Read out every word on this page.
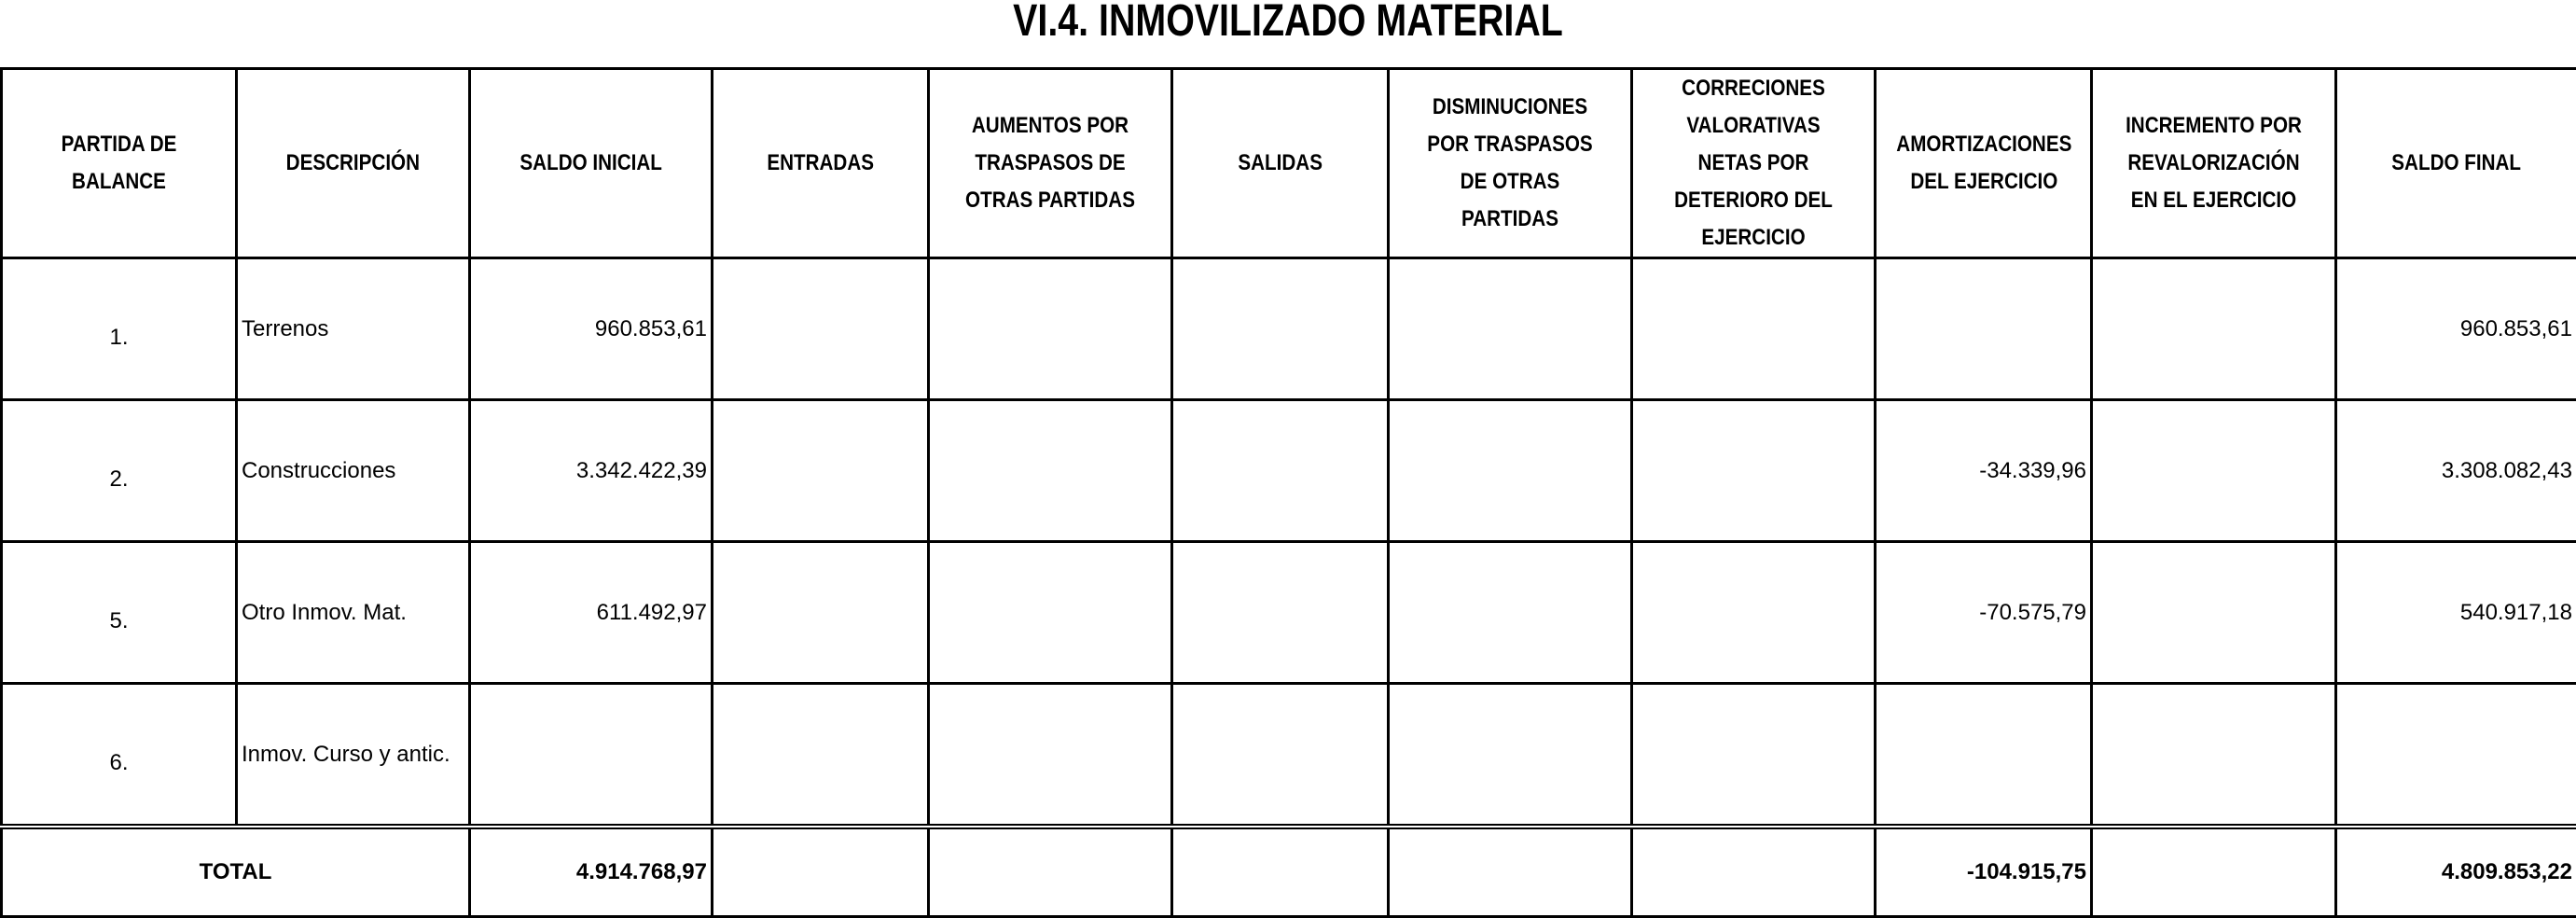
VI.4. INMOVILIZADO MATERIAL
PARTIDA DE BALANCE	DESCRIPCIÓN	SALDO INICIAL	ENTRADAS	AUMENTOS POR TRASPASOS DE OTRAS PARTIDAS	SALIDAS	DISMINUCIONES POR TRASPASOS DE OTRAS PARTIDAS	CORRECIONES VALORATIVAS NETAS POR DETERIORO DEL EJERCICIO	AMORTIZACIONES DEL EJERCICIO	INCREMENTO POR REVALORIZACIÓN EN EL EJERCICIO	SALDO FINAL
1.	Terrenos	960.853,61								960.853,61
2.	Construcciones	3.342.422,39						-34.339,96		3.308.082,43
5.	Otro Inmov. Mat.	611.492,97						-70.575,79		540.917,18
6.	Inmov. Curso y antic.									
TOTAL		4.914.768,97						-104.915,75		4.809.853,22
